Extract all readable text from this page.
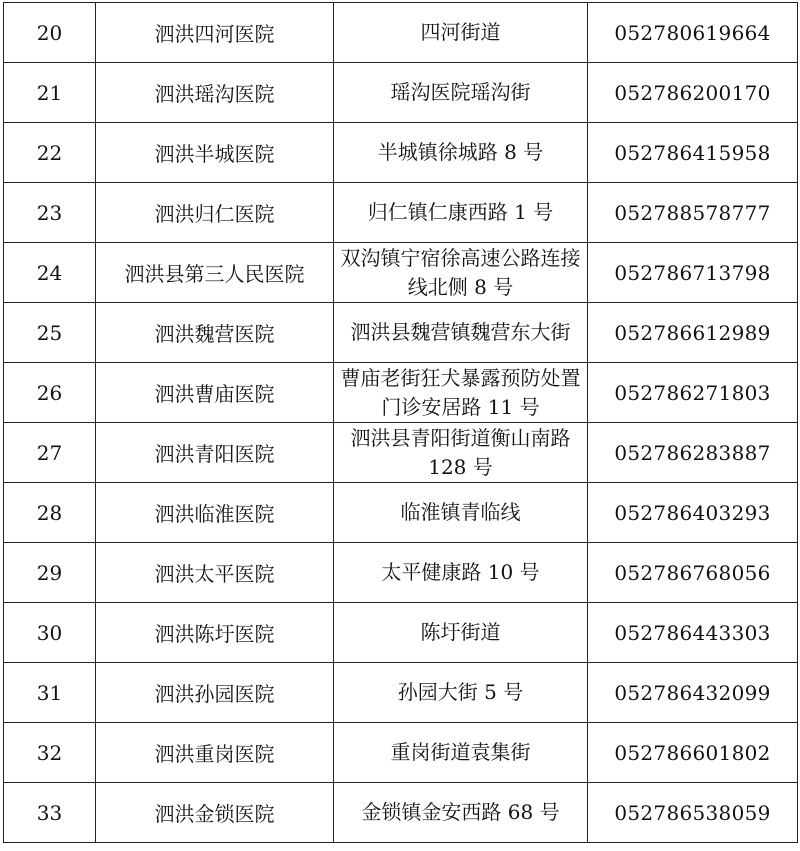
20	泗洪四河医院	四河街道	052780619664
21	泗洪瑶沟医院	瑶沟医院瑶沟街	052786200170
22	泗洪半城医院	半城镇徐城路 8 号	052786415958
23	泗洪归仁医院	归仁镇仁康西路 1 号	052788578777
24	泗洪县第三人民医院	双沟镇宁宿徐高速公路连接线北侧 8 号	052786713798
25	泗洪魏营医院	泗洪县魏营镇魏营东大街	052786612989
26	泗洪曹庙医院	曹庙老街狂犬暴露预防处置门诊安居路 11 号	052786271803
27	泗洪青阳医院	泗洪县青阳街道衡山南路 128 号	052786283887
28	泗洪临淮医院	临淮镇青临线	052786403293
29	泗洪太平医院	太平健康路 10 号	052786768056
30	泗洪陈圩医院	陈圩街道	052786443303
31	泗洪孙园医院	孙园大街 5 号	052786432099
32	泗洪重岗医院	重岗街道袁集街	052786601802
33	泗洪金锁医院	金锁镇金安西路 68 号	052786538059
